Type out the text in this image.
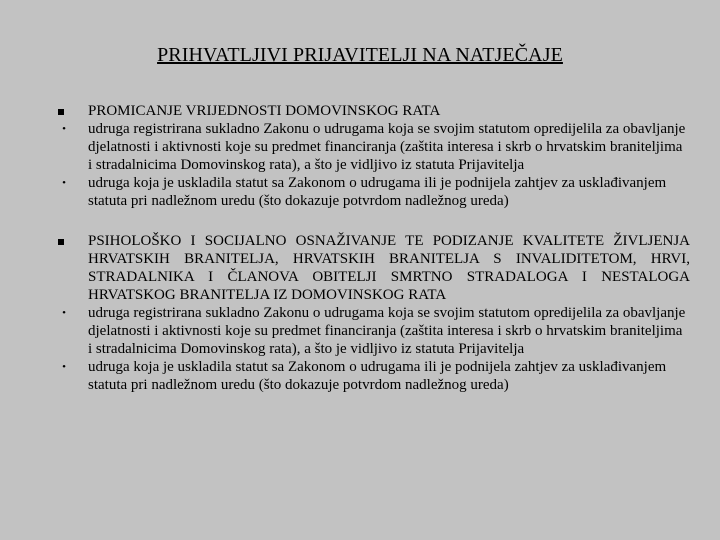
PRIHVATLJIVI PRIJAVITELJI NA NATJEČAJE
PROMICANJE VRIJEDNOSTI DOMOVINSKOG RATA
• udruga registrirana sukladno Zakonu o udrugama koja se svojim statutom opredijelila za obavljanje djelatnosti i aktivnosti koje su predmet financiranja (zaštita interesa i skrb o hrvatskim braniteljima i stradalnicima Domovinskog rata), a što je vidljivo iz statuta Prijavitelja
• udruga koja je uskladila statut sa Zakonom o udrugama ili je podnijela zahtjev za usklađivanjem statuta pri nadležnom uredu (što dokazuje potvrdom nadležnog ureda)
PSIHOLOŠKO I SOCIJALNO OSNAŽIVANJE TE PODIZANJE KVALITETE ŽIVLJENJA HRVATSKIH BRANITELJA, HRVATSKIH BRANITELJA S INVALIDITETOM, HRVI, STRADALNIKA I ČLANOVA OBITELJI SMRTNO STRADALOGA I NESTALOGA HRVATSKOG BRANITELJA IZ DOMOVINSKOG RATA
• udruga registrirana sukladno Zakonu o udrugama koja se svojim statutom opredijelila za obavljanje djelatnosti i aktivnosti koje su predmet financiranja (zaštita interesa i skrb o hrvatskim braniteljima i stradalnicima Domovinskog rata), a što je vidljivo iz statuta Prijavitelja
• udruga koja je uskladila statut sa Zakonom o udrugama ili je podnijela zahtjev za usklađivanjem statuta pri nadležnom uredu (što dokazuje potvrdom nadležnog ureda)
